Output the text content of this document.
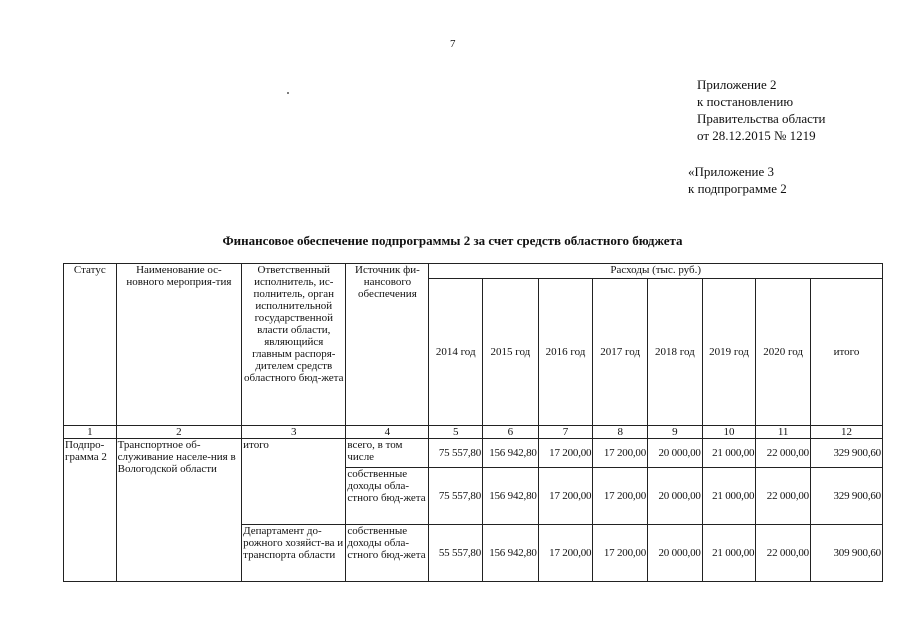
7
Приложение 2
к постановлению
Правительства области
от 28.12.2015 № 1219
«Приложение 3
к подпрограмме 2
Финансовое обеспечение подпрограммы 2 за счет средств областного бюджета
Статус	Наименование ос-новного мероприя-тия	Ответственный исполнитель, ис-полнитель, орган исполнительной государственной власти области, являющийся главным распоря-дителем средств областного бюд-жета	Источник фи-нансового обеспечения	Расходы (тыс. руб.)							
				2014 год	2015 год	2016 год	2017 год	2018 год	2019 год	2020 год	итого
1	2	3	4	5	6	7	8	9	10	11	12
Подпро-грамма 2	Транспортное об-служивание населе-ния в Вологодской области	итого	всего, в том числе	75 557,80	156 942,80	17 200,00	17 200,00	20 000,00	21 000,00	22 000,00	329 900,60
			собственные доходы обла-стного бюд-жета	75 557,80	156 942,80	17 200,00	17 200,00	20 000,00	21 000,00	22 000,00	329 900,60
		Департамент до-рожного хозяйст-ва и транспорта области	собственные доходы обла-стного бюд-жета	55 557,80	156 942,80	17 200,00	17 200,00	20 000,00	21 000,00	22 000,00	309 900,60
